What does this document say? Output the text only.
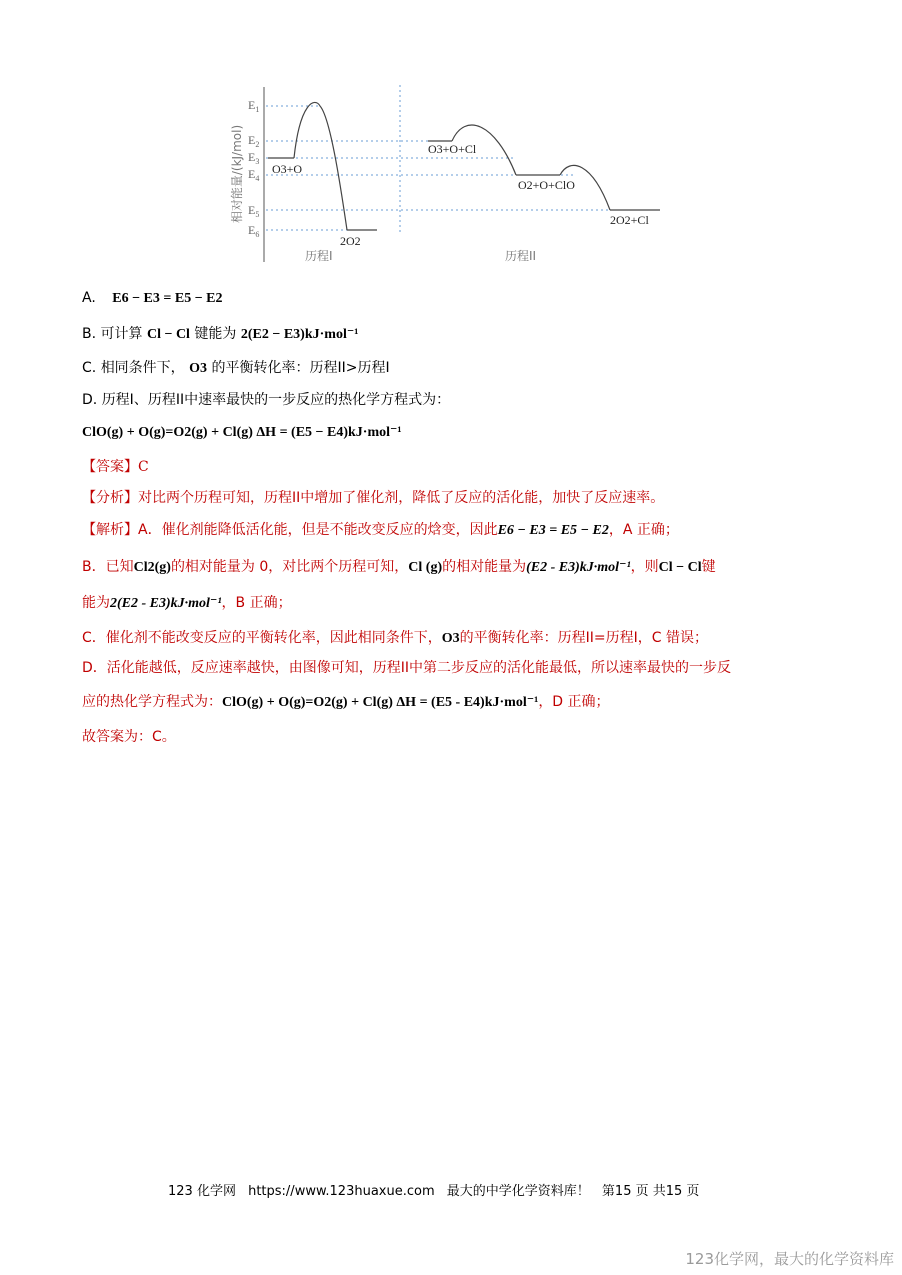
相对能量/(kJ/mol)
$E_1$
$E_2$
$E_3$
$E_4$
$E_5$
$E_6$
O3+O
2O2
历程I
O3+O+Cl
O2+O+ClO
2O2+Cl
历程II
A. E6 − E3 = E5 − E2
B. 可计算 Cl − Cl 键能为 2(E2 − E3)kJ·mol⁻¹
C. 相同条件下， O3 的平衡转化率：历程II>历程I
D. 历程I、历程II中速率最快的一步反应的热化学方程式为：
ClO(g) + O(g)=O2(g) + Cl(g) ΔH = (E5 − E4)kJ·mol⁻¹
【答案】C
【分析】对比两个历程可知，历程II中增加了催化剂，降低了反应的活化能，加快了反应速率。
【解析】A．催化剂能降低活化能，但是不能改变反应的焓变，因此E6 − E3 = E5 − E2，A 正确；
B．已知Cl2(g)的相对能量为 0，对比两个历程可知，Cl (g)的相对能量为(E2 - E3)kJ·mol⁻¹，则Cl − Cl键
能为2(E2 - E3)kJ·mol⁻¹，B 正确；
C．催化剂不能改变反应的平衡转化率，因此相同条件下，O3的平衡转化率：历程II=历程I，C 错误；
D．活化能越低，反应速率越快，由图像可知，历程II中第二步反应的活化能最低，所以速率最快的一步反
应的热化学方程式为：ClO(g) + O(g)=O2(g) + Cl(g) ΔH = (E5 - E4)kJ·mol⁻¹，D 正确；
故答案为：C。
123 化学网 https://www.123huaxue.com 最大的中学化学资料库！ 第15 页 共15 页
123化学网，最大的化学资料库
